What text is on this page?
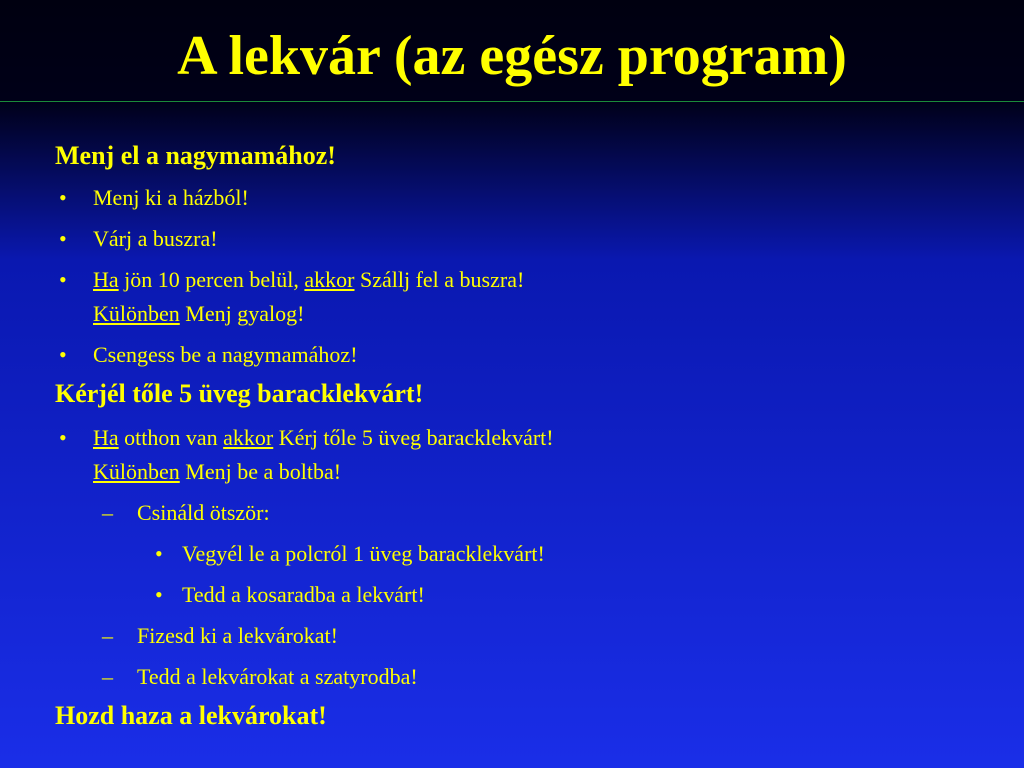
A lekvár (az egész program)
Menj el a nagymamához!
• Menj ki a házból!
• Várj a buszra!
• Ha jön 10 percen belül, akkor Szállj fel a buszra!
Különben Menj gyalog!
• Csengess be a nagymamához!
Kérjél tőle 5 üveg baracklekvárt!
• Ha otthon van akkor Kérj tőle 5 üveg baracklekvárt!
Különben Menj be a boltba!
– Csináld ötször:
• Vegyél le a polcról 1 üveg baracklekvárt!
• Tedd a kosaradba a lekvárt!
– Fizesd ki a lekvárokat!
– Tedd a lekvárokat a szatyrodba!
Hozd haza a lekvárokat!
